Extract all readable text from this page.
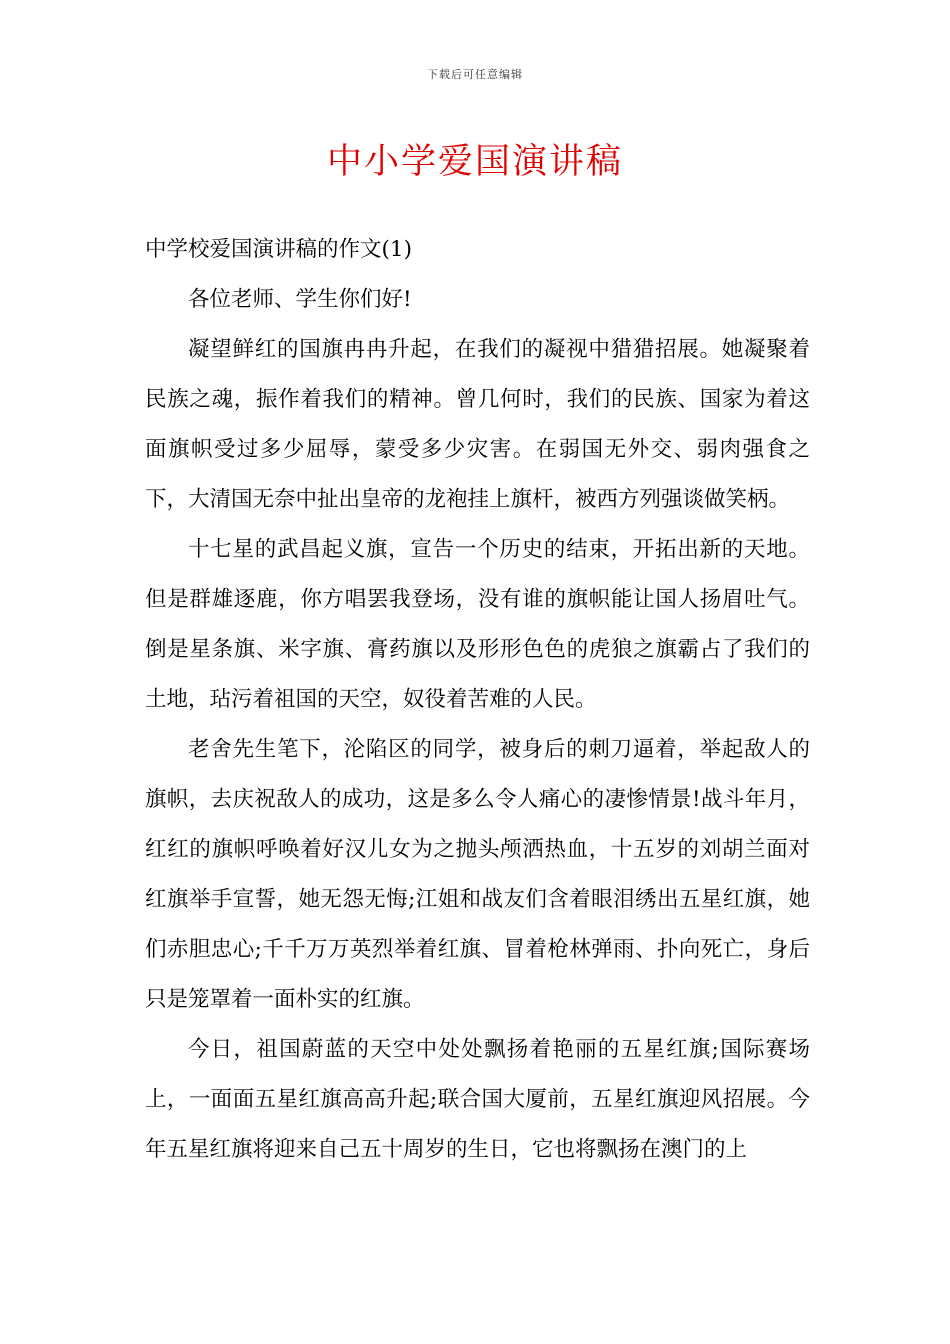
下载后可任意编辑
中小学爱国演讲稿

中学校爱国演讲稿的作文(1)

各位老师、学生你们好!

凝望鲜红的国旗冉冉升起，在我们的凝视中猎猎招展。她凝聚着民族之魂，振作着我们的精神。曾几何时，我们的民族、国家为着这面旗帜受过多少屈辱，蒙受多少灾害。在弱国无外交、弱肉强食之下，大清国无奈中扯出皇帝的龙袍挂上旗杆，被西方列强谈做笑柄。

十七星的武昌起义旗，宣告一个历史的结束，开拓出新的天地。但是群雄逐鹿，你方唱罢我登场，没有谁的旗帜能让国人扬眉吐气。倒是星条旗、米字旗、膏药旗以及形形色色的虎狼之旗霸占了我们的土地，玷污着祖国的天空，奴役着苦难的人民。

老舍先生笔下，沦陷区的同学，被身后的刺刀逼着，举起敌人的旗帜，去庆祝敌人的成功，这是多么令人痛心的凄惨情景!战斗年月，红红的旗帜呼唤着好汉儿女为之抛头颅洒热血，十五岁的刘胡兰面对红旗举手宣誓，她无怨无悔;江姐和战友们含着眼泪绣出五星红旗，她们赤胆忠心;千千万万英烈举着红旗、冒着枪林弹雨、扑向死亡，身后只是笼罩着一面朴实的红旗。

今日，祖国蔚蓝的天空中处处飘扬着艳丽的五星红旗;国际赛场上，一面面五星红旗高高升起;联合国大厦前，五星红旗迎风招展。今年五星红旗将迎来自己五十周岁的生日，它也将飘扬在澳门的上
